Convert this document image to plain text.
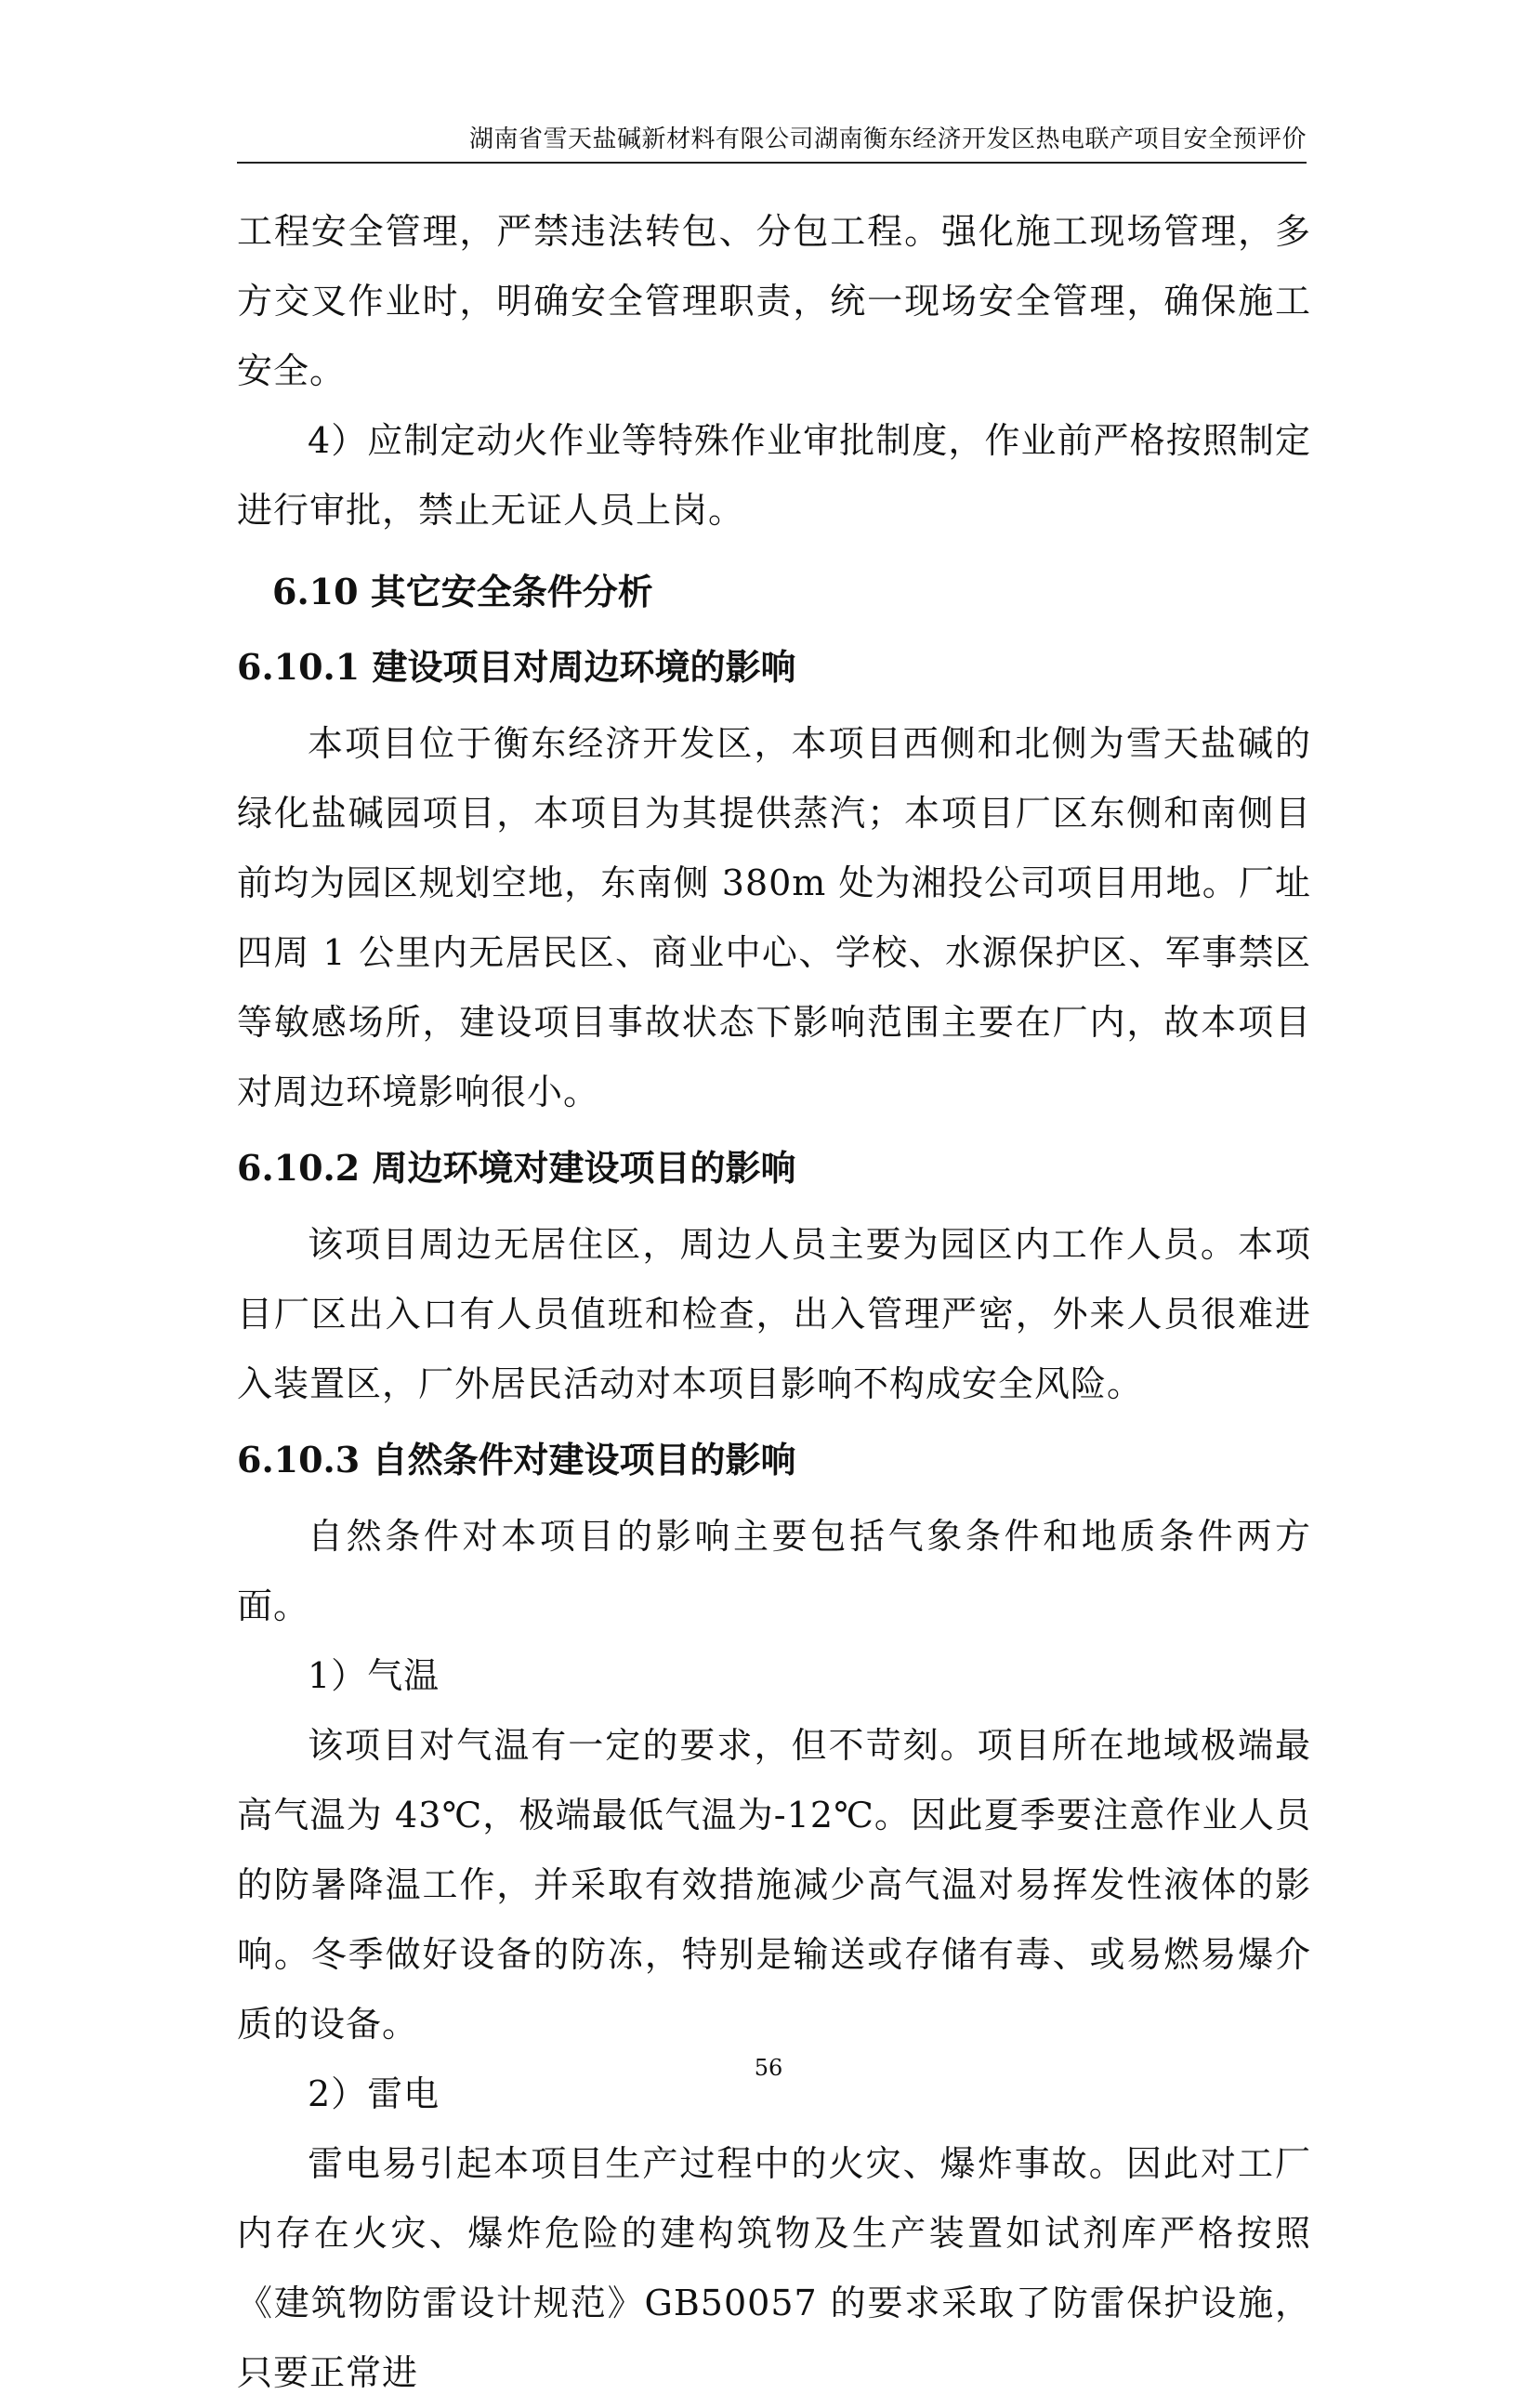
湖南省雪天盐碱新材料有限公司湖南衡东经济开发区热电联产项目安全预评价

工程安全管理，严禁违法转包、分包工程。强化施工现场管理，多方交叉作业时，明确安全管理职责，统一现场安全管理，确保施工安全。

4）应制定动火作业等特殊作业审批制度，作业前严格按照制定进行审批，禁止无证人员上岗。

6.10 其它安全条件分析
6.10.1 建设项目对周边环境的影响

本项目位于衡东经济开发区，本项目西侧和北侧为雪天盐碱的绿化盐碱园项目，本项目为其提供蒸汽；本项目厂区东侧和南侧目前均为园区规划空地，东南侧 380m 处为湘投公司项目用地。厂址四周 1 公里内无居民区、商业中心、学校、水源保护区、军事禁区等敏感场所，建设项目事故状态下影响范围主要在厂内，故本项目对周边环境影响很小。

6.10.2 周边环境对建设项目的影响

该项目周边无居住区，周边人员主要为园区内工作人员。本项目厂区出入口有人员值班和检查，出入管理严密，外来人员很难进入装置区，厂外居民活动对本项目影响不构成安全风险。

6.10.3 自然条件对建设项目的影响

自然条件对本项目的影响主要包括气象条件和地质条件两方面。

1）气温

该项目对气温有一定的要求，但不苛刻。项目所在地域极端最高气温为 43℃，极端最低气温为-12℃。因此夏季要注意作业人员的防暑降温工作，并采取有效措施减少高气温对易挥发性液体的影响。冬季做好设备的防冻，特别是输送或存储有毒、或易燃易爆介质的设备。

2）雷电

雷电易引起本项目生产过程中的火灾、爆炸事故。因此对工厂内存在火灾、爆炸危险的建构筑物及生产装置如试剂库严格按照《建筑物防雷设计规范》GB50057 的要求采取了防雷保护设施，只要正常进

56
